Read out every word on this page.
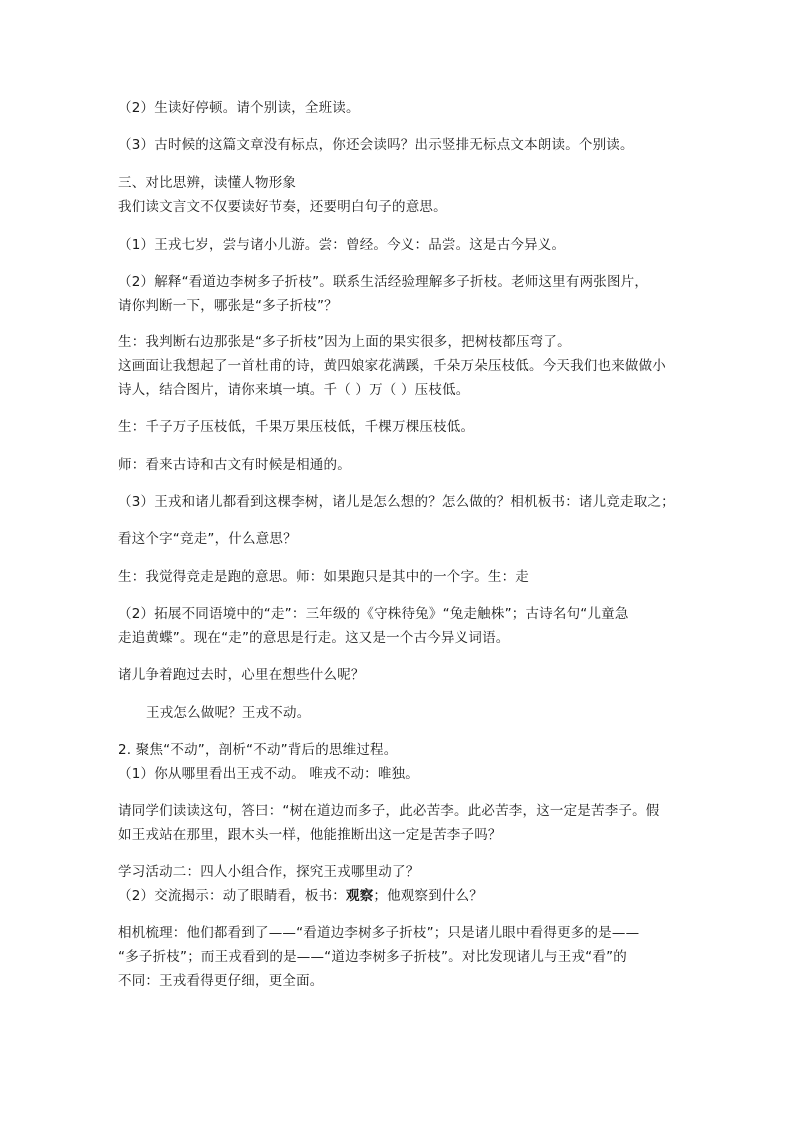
（2）生读好停顿。请个别读，全班读。
（3）古时候的这篇文章没有标点，你还会读吗？出示竖排无标点文本朗读。个别读。
三、对比思辨，读懂人物形象
我们读文言文不仅要读好节奏，还要明白句子的意思。
（1）王戎七岁，尝与诸小儿游。尝：曾经。今义：品尝。这是古今异义。
（2）解释“看道边李树多子折枝”。联系生活经验理解多子折枝。老师这里有两张图片，
请你判断一下，哪张是“多子折枝”？
生：我判断右边那张是“多子折枝”因为上面的果实很多，把树枝都压弯了。
这画面让我想起了一首杜甫的诗，黄四娘家花满蹊，千朵万朵压枝低。今天我们也来做做小
诗人，结合图片，请你来填一填。千（ ）万（ ）压枝低。
生：千子万子压枝低，千果万果压枝低，千棵万棵压枝低。
师：看来古诗和古文有时候是相通的。
（3）王戎和诸儿都看到这棵李树，诸儿是怎么想的？怎么做的？相机板书：诸儿竞走取之；
看这个字“竞走”，什么意思？
生：我觉得竞走是跑的意思。师：如果跑只是其中的一个字。生：走
（2）拓展不同语境中的“走”：三年级的《守株待兔》“兔走触株”；古诗名句“儿童急
走追黄蝶”。现在“走”的意思是行走。这又是一个古今异义词语。
诸儿争着跑过去时，心里在想些什么呢？
王戎怎么做呢？王戎不动。
2. 聚焦“不动”，剖析“不动”背后的思维过程。
（1）你从哪里看出王戎不动。 唯戎不动：唯独。
请同学们读读这句，答曰：“树在道边而多子，此必苦李。此必苦李，这一定是苦李子。假
如王戎站在那里，跟木头一样，他能推断出这一定是苦李子吗？
学习活动二：四人小组合作，探究王戎哪里动了？
（2）交流揭示：动了眼睛看，板书：观察；他观察到什么？
相机梳理：他们都看到了——“看道边李树多子折枝”；只是诸儿眼中看得更多的是——
“多子折枝”；而王戎看到的是——“道边李树多子折枝”。对比发现诸儿与王戎“看”的
不同：王戎看得更仔细，更全面。
